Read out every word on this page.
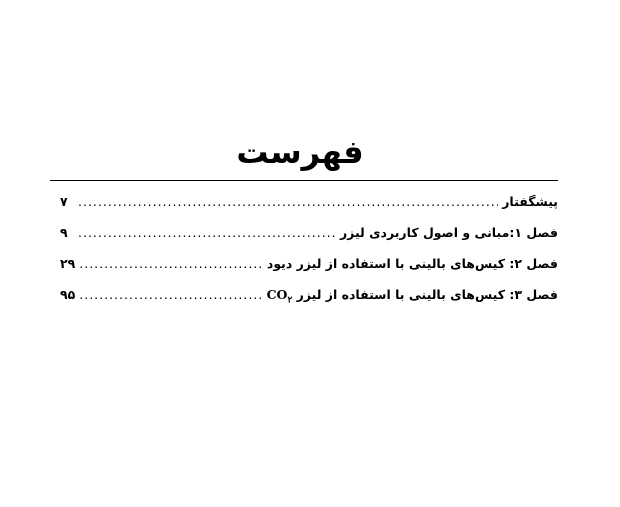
فهرست
پیشگفتار
.....
۷
فصل ۱:مبانی و اصول کاربردی لیزر
.....
۹
فصل ۲: کیس‌های بالینی با استفاده از لیزر دیود
.....
۲۹
فصل ۳: کیس‌های بالینی با استفاده از لیزر $CO_۲$
.....
۹۵
